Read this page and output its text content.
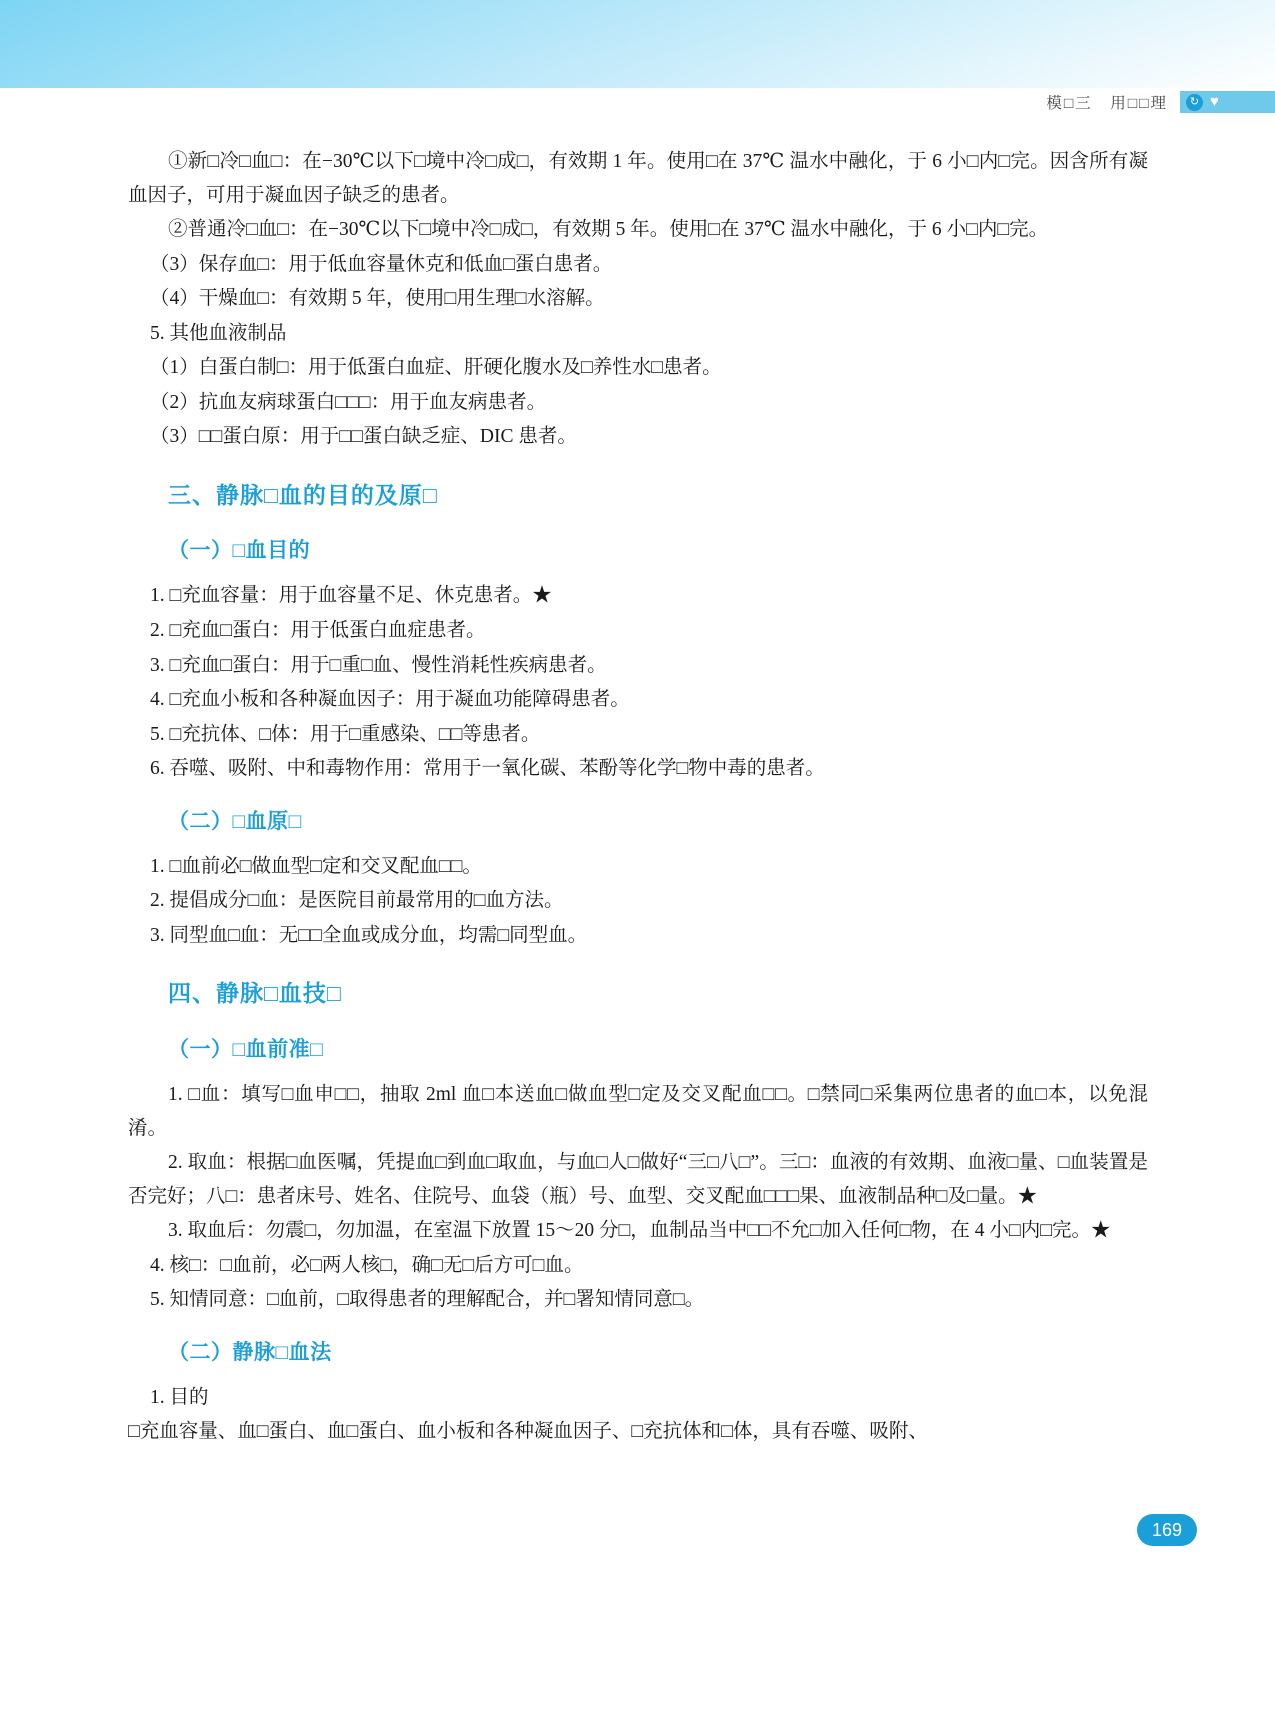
模□三　用□□理	↻ ♥

①新□冷□血□：在−30℃以下□境中冷□成□，有效期 1 年。使用□在 37℃ 温水中融化，于 6 小□内□完。因含所有凝血因子，可用于凝血因子缺乏的患者。

②普通冷□血□：在−30℃以下□境中冷□成□，有效期 5 年。使用□在 37℃ 温水中融化，于 6 小□内□完。

（3）保存血□：用于低血容量休克和低血□蛋白患者。

（4）干燥血□：有效期 5 年，使用□用生理□水溶解。

5. 其他血液制品

（1）白蛋白制□：用于低蛋白血症、肝硬化腹水及□养性水□患者。

（2）抗血友病球蛋白□□□：用于血友病患者。

（3）□□蛋白原：用于□□蛋白缺乏症、DIC 患者。

三、静脉□血的目的及原□
（一）□血目的

1. □充血容量：用于血容量不足、休克患者。★

2. □充血□蛋白：用于低蛋白血症患者。

3. □充血□蛋白：用于□重□血、慢性消耗性疾病患者。

4. □充血小板和各种凝血因子：用于凝血功能障碍患者。

5. □充抗体、□体：用于□重感染、□□等患者。

6. 吞噬、吸附、中和毒物作用：常用于一氧化碳、苯酚等化学□物中毒的患者。

（二）□血原□

1. □血前必□做血型□定和交叉配血□□。

2. 提倡成分□血：是医院目前最常用的□血方法。

3. 同型血□血：无□□全血或成分血，均需□同型血。

四、静脉□血技□
（一）□血前准□

1. □血：填写□血申□□，抽取 2ml 血□本送血□做血型□定及交叉配血□□。□禁同□采集两位患者的血□本，以免混淆。

2. 取血：根据□血医嘱，凭提血□到血□取血，与血□人□做好“三□八□”。三□：血液的有效期、血液□量、□血装置是否完好；八□：患者床号、姓名、住院号、血袋（瓶）号、血型、交叉配血□□□果、血液制品种□及□量。★

3. 取血后：勿震□，勿加温，在室温下放置 15～20 分□，血制品当中□□不允□加入任何□物，在 4 小□内□完。★

4. 核□：□血前，必□两人核□，确□无□后方可□血。

5. 知情同意：□血前，□取得患者的理解配合，并□署知情同意□。

（二）静脉□血法

1. 目的

□充血容量、血□蛋白、血□蛋白、血小板和各种凝血因子、□充抗体和□体，具有吞噬、吸附、

169
